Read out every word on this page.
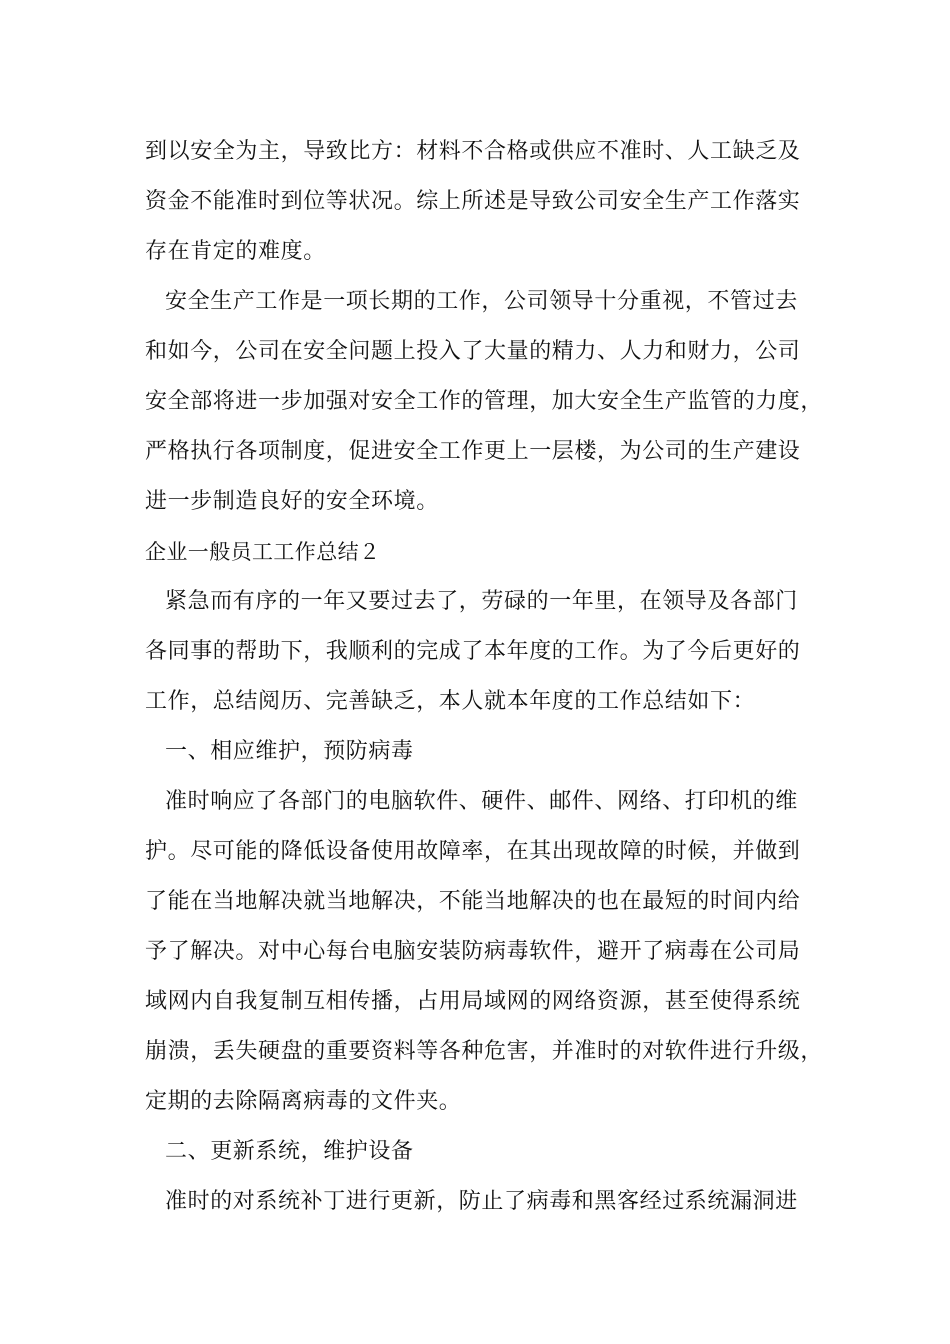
到以安全为主，导致比方：材料不合格或供应不准时、人工缺乏及
资金不能准时到位等状况。综上所述是导致公司安全生产工作落实
存在肯定的难度。
安全生产工作是一项长期的工作，公司领导十分重视，不管过去
和如今，公司在安全问题上投入了大量的精力、人力和财力，公司
安全部将进一步加强对安全工作的管理，加大安全生产监管的力度，
严格执行各项制度，促进安全工作更上一层楼，为公司的生产建设
进一步制造良好的安全环境。
企业一般员工工作总结２
紧急而有序的一年又要过去了，劳碌的一年里，在领导及各部门
各同事的帮助下，我顺利的完成了本年度的工作。为了今后更好的
工作，总结阅历、完善缺乏，本人就本年度的工作总结如下：
一、相应维护，预防病毒
准时响应了各部门的电脑软件、硬件、邮件、网络、打印机的维
护。尽可能的降低设备使用故障率，在其出现故障的时候，并做到
了能在当地解决就当地解决，不能当地解决的也在最短的时间内给
予了解决。对中心每台电脑安装防病毒软件，避开了病毒在公司局
域网内自我复制互相传播，占用局域网的网络资源，甚至使得系统
崩溃，丢失硬盘的重要资料等各种危害，并准时的对软件进行升级，
定期的去除隔离病毒的文件夹。
二、更新系统，维护设备
准时的对系统补丁进行更新，防止了病毒和黑客经过系统漏洞进
